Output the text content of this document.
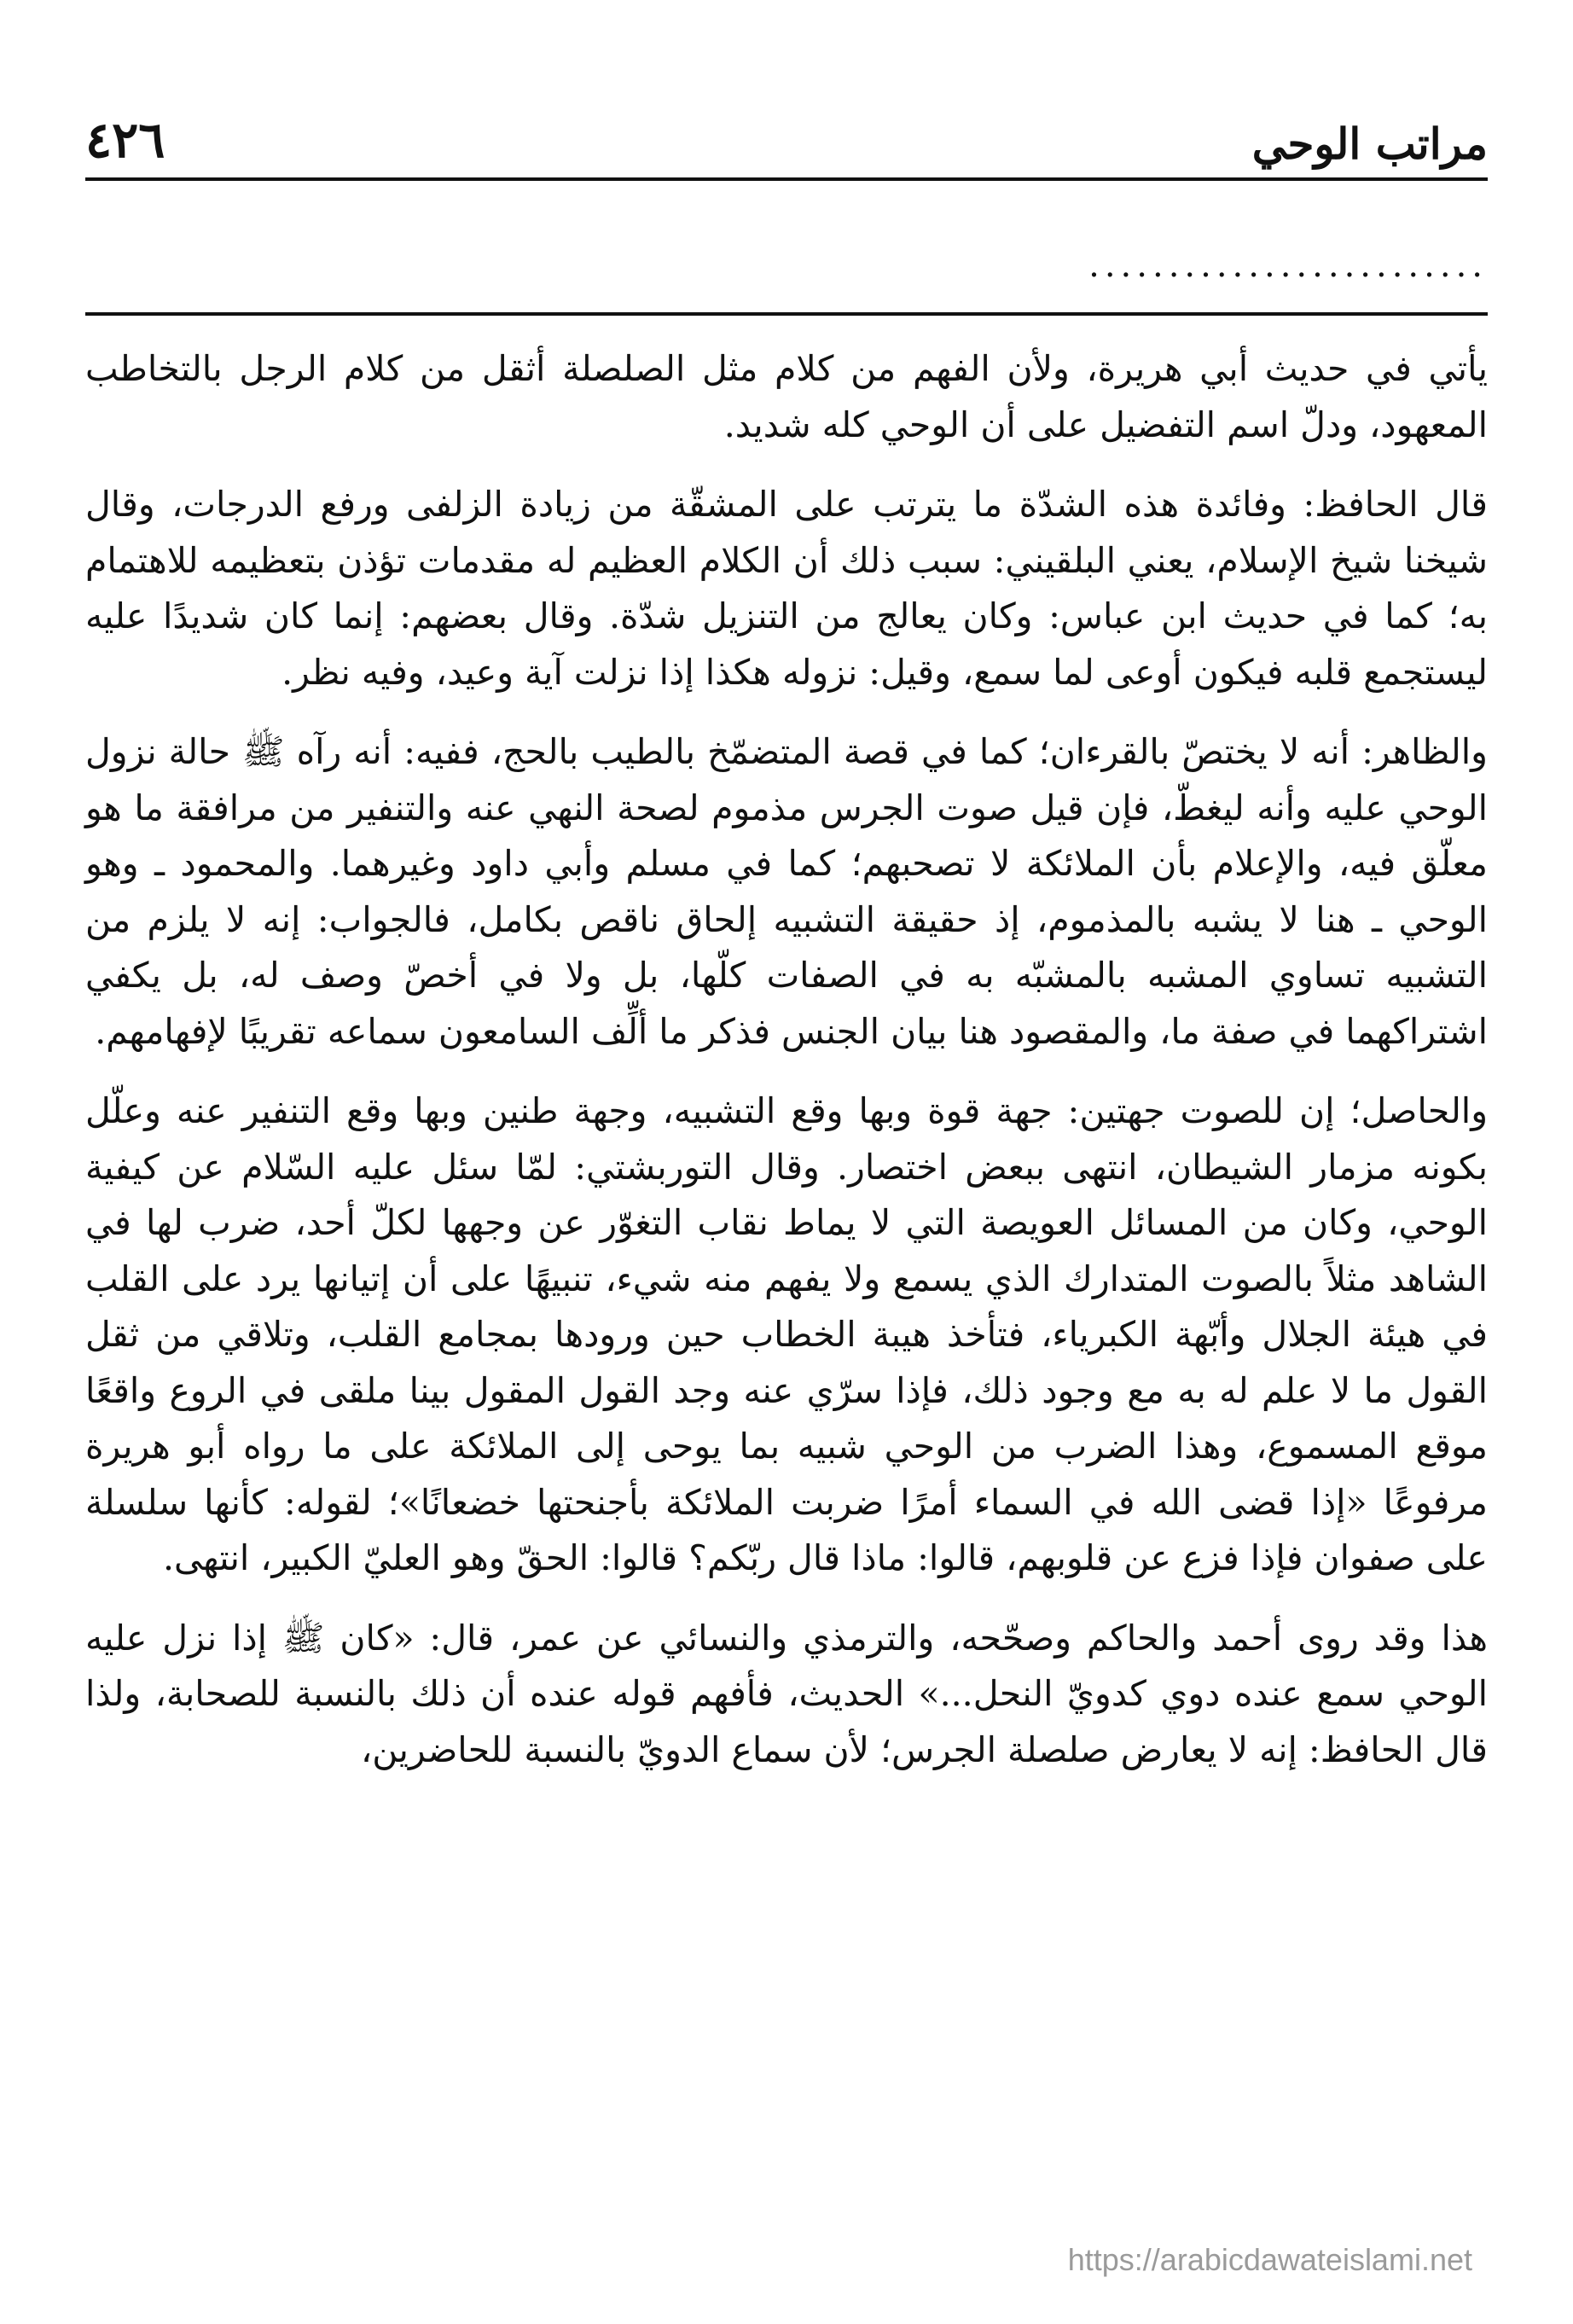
مراتب الوحي
٤٢٦
.........................

يأتي في حديث أبي هريرة، ولأن الفهم من كلام مثل الصلصلة أثقل من كلام الرجل بالتخاطب المعهود، ودلّ اسم التفضيل على أن الوحي كله شديد.

قال الحافظ: وفائدة هذه الشدّة ما يترتب على المشقّة من زيادة الزلفى ورفع الدرجات، وقال شيخنا شيخ الإسلام، يعني البلقيني: سبب ذلك أن الكلام العظيم له مقدمات تؤذن بتعظيمه للاهتمام به؛ كما في حديث ابن عباس: وكان يعالج من التنزيل شدّة. وقال بعضهم: إنما كان شديدًا عليه ليستجمع قلبه فيكون أوعى لما سمع، وقيل: نزوله هكذا إذا نزلت آية وعيد، وفيه نظر.

والظاهر: أنه لا يختصّ بالقرءان؛ كما في قصة المتضمّخ بالطيب بالحج، ففيه: أنه رآه ﷺ حالة نزول الوحي عليه وأنه ليغطّ، فإن قيل صوت الجرس مذموم لصحة النهي عنه والتنفير من مرافقة ما هو معلّق فيه، والإعلام بأن الملائكة لا تصحبهم؛ كما في مسلم وأبي داود وغيرهما. والمحمود ـ وهو الوحي ـ هنا لا يشبه بالمذموم، إذ حقيقة التشبيه إلحاق ناقص بكامل، فالجواب: إنه لا يلزم من التشبيه تساوي المشبه بالمشبّه به في الصفات كلّها، بل ولا في أخصّ وصف له، بل يكفي اشتراكهما في صفة ما، والمقصود هنا بيان الجنس فذكر ما ألِّف السامعون سماعه تقريبًا لإفهامهم.

والحاصل؛ إن للصوت جهتين: جهة قوة وبها وقع التشبيه، وجهة طنين وبها وقع التنفير عنه وعلّل بكونه مزمار الشيطان، انتهى ببعض اختصار. وقال التوربشتي: لمّا سئل عليه السّلام عن كيفية الوحي، وكان من المسائل العويصة التي لا يماط نقاب التغوّر عن وجهها لكلّ أحد، ضرب لها في الشاهد مثلاً بالصوت المتدارك الذي يسمع ولا يفهم منه شيء، تنبيهًا على أن إتيانها يرد على القلب في هيئة الجلال وأبّهة الكبرياء، فتأخذ هيبة الخطاب حين ورودها بمجامع القلب، وتلاقي من ثقل القول ما لا علم له به مع وجود ذلك، فإذا سرّي عنه وجد القول المقول بينا ملقى في الروع واقعًا موقع المسموع، وهذا الضرب من الوحي شبيه بما يوحى إلى الملائكة على ما رواه أبو هريرة مرفوعًا «إذا قضى الله في السماء أمرًا ضربت الملائكة بأجنحتها خضعانًا»؛ لقوله: كأنها سلسلة على صفوان فإذا فزع عن قلوبهم، قالوا: ماذا قال ربّكم؟ قالوا: الحقّ وهو العليّ الكبير، انتهى.

هذا وقد روى أحمد والحاكم وصحّحه، والترمذي والنسائي عن عمر، قال: «كان ﷺ إذا نزل عليه الوحي سمع عنده دوي كدويّ النحل...» الحديث، فأفهم قوله عنده أن ذلك بالنسبة للصحابة، ولذا قال الحافظ: إنه لا يعارض صلصلة الجرس؛ لأن سماع الدويّ بالنسبة للحاضرين،

https://arabicdawateislami.net
